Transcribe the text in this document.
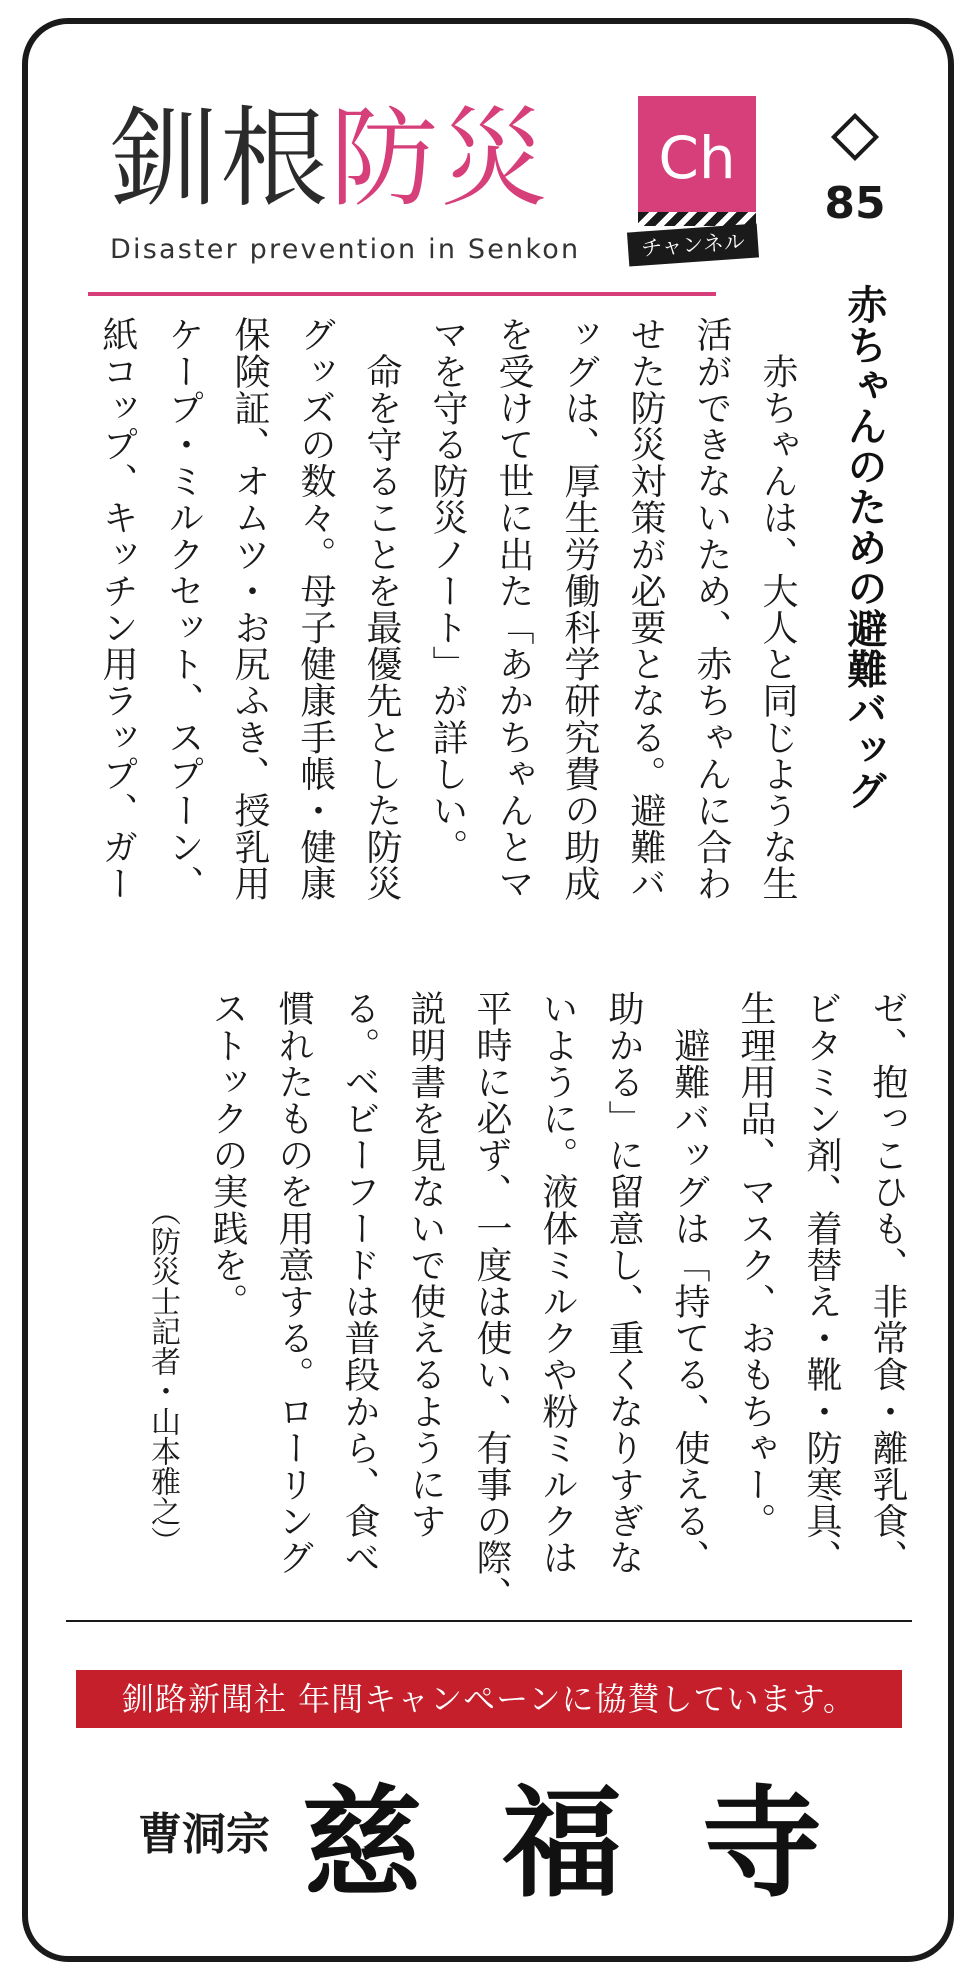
釧根防災	Ch
チャンネル
Disaster prevention in Senkon
85
赤ちゃんのための避難バッグ
　赤ちゃんは、大人と同じような生
活ができないため、赤ちゃんに合わ
せた防災対策が必要となる。避難バ
ッグは、厚生労働科学研究費の助成
を受けて世に出た「あかちゃんとマ
マを守る防災ノート」が詳しい。
　命を守ることを最優先とした防災
グッズの数々。母子健康手帳・健康
保険証、オムツ・お尻ふき、授乳用
ケープ・ミルクセット、スプーン、
紙コップ、キッチン用ラップ、ガー
ゼ、抱っこひも、非常食・離乳食、
ビタミン剤、着替え・靴・防寒具、
生理用品、マスク、おもちゃー。
　避難バッグは「持てる、使える、
助かる」に留意し、重くなりすぎな
いように。液体ミルクや粉ミルクは
平時に必ず、一度は使い、有事の際、
説明書を見ないで使えるようにす
る。ベビーフードは普段から、食べ
慣れたものを用意する。ローリング
ストックの実践を。
（防災士記者・山本雅之）
釧路新聞社 年間キャンペーンに協賛しています。
曹洞宗 慈福寺
